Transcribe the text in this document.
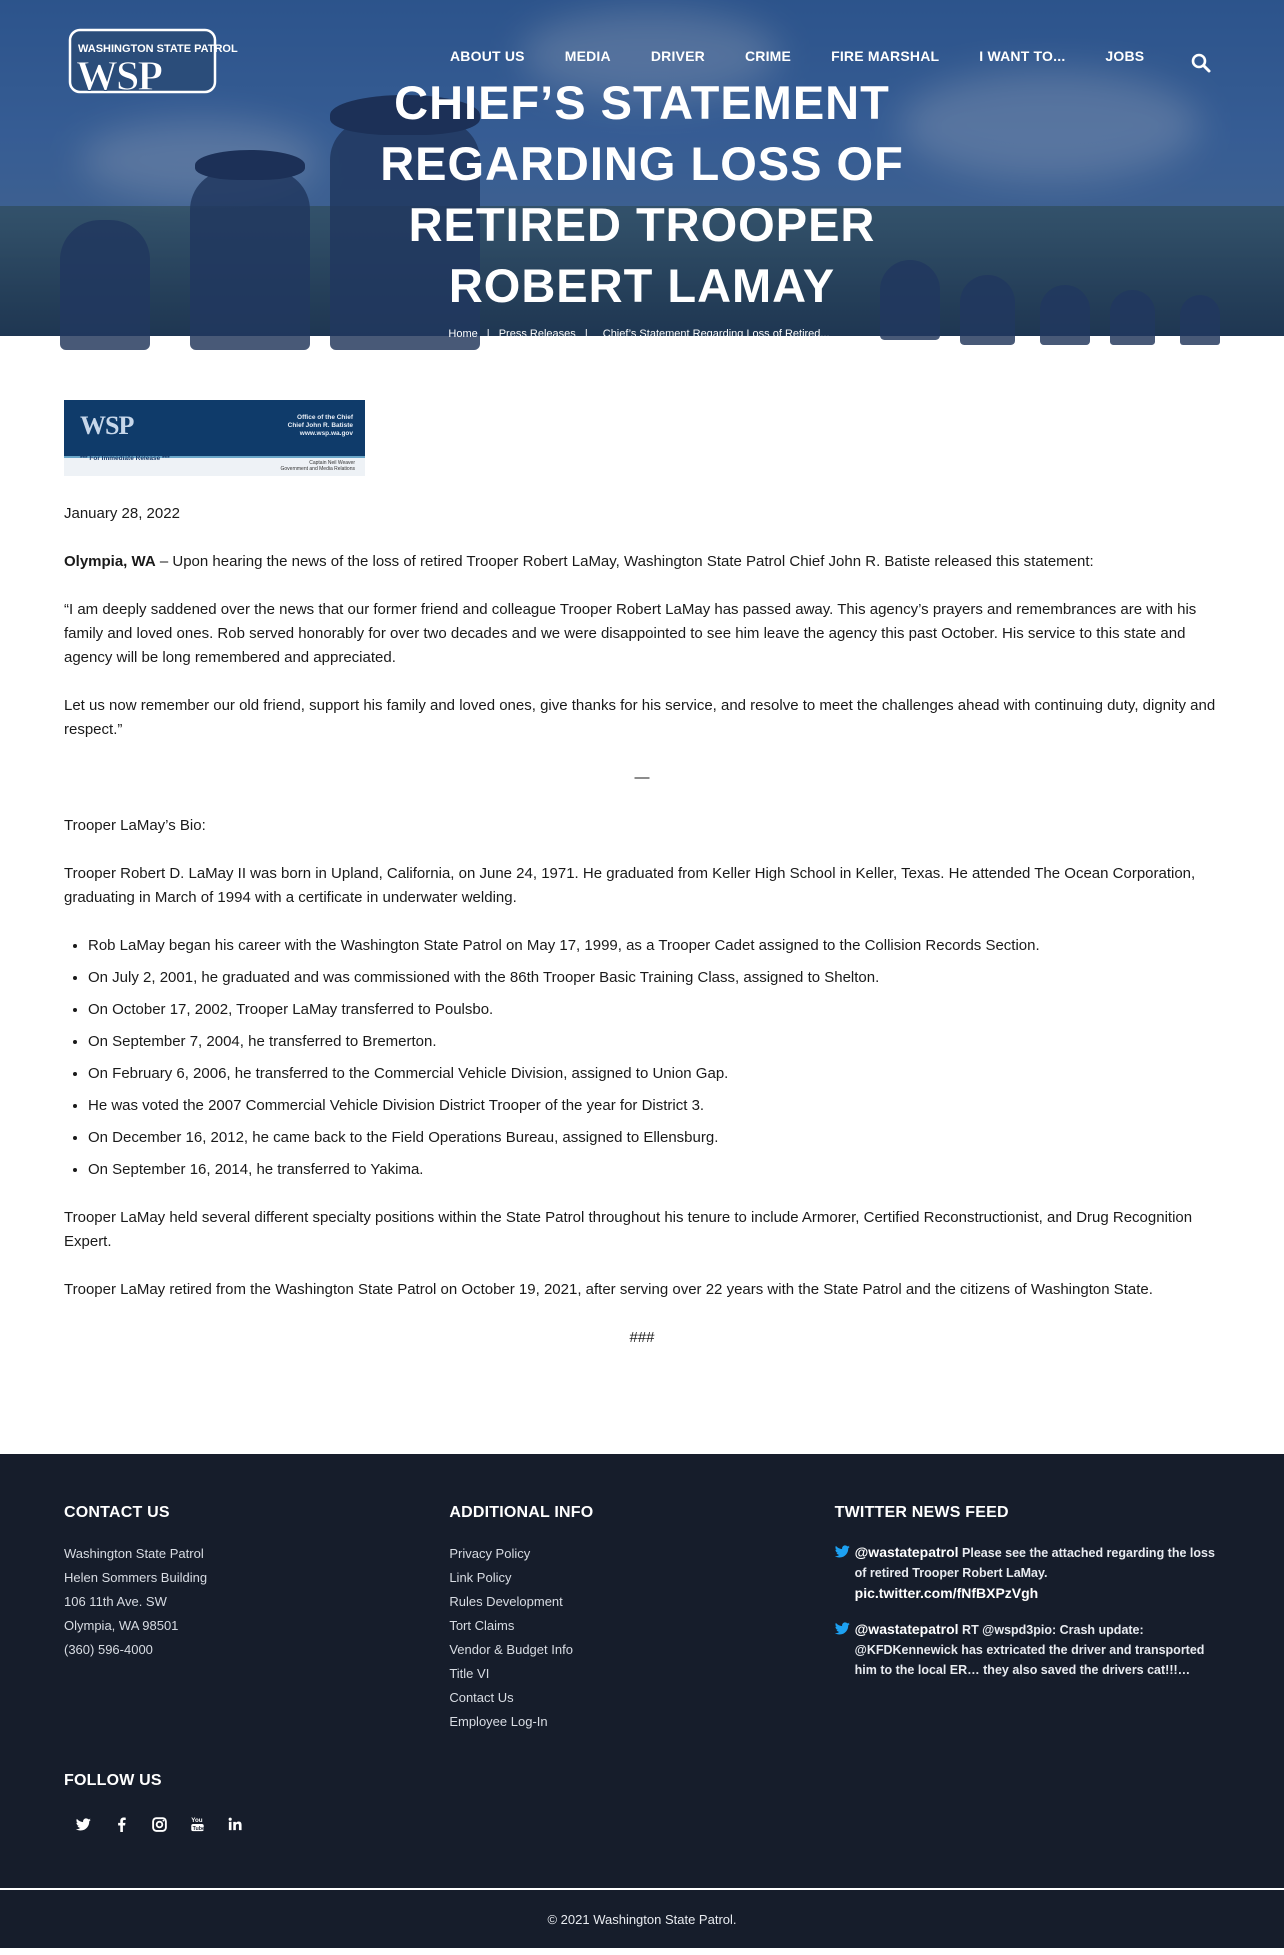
WASHINGTON STATE PATROL
WSP	ABOUT US	MEDIA	DRIVER	CRIME	FIRE MARSHAL	I WANT TO...	JOBS
CHIEF’S STATEMENT REGARDING LOSS OF RETIRED TROOPER ROBERT LAMAY
Home | Press Releases | Chief’s Statement Regarding Loss of Retired...
WSP	Office of the Chief
Chief John R. Batiste
www.wsp.wa.gov
*** For Immediate Release ***
Captain Neil Weaver
Government and Media Relations

January 28, 2022

Olympia, WA – Upon hearing the news of the loss of retired Trooper Robert LaMay, Washington State Patrol Chief John R. Batiste released this statement:

“I am deeply saddened over the news that our former friend and colleague Trooper Robert LaMay has passed away. This agency’s prayers and remembrances are with his family and loved ones. Rob served honorably for over two decades and we were disappointed to see him leave the agency this past October. His service to this state and agency will be long remembered and appreciated.

Let us now remember our old friend, support his family and loved ones, give thanks for his service, and resolve to meet the challenges ahead with continuing duty, dignity and respect.”

—

Trooper LaMay’s Bio:

Trooper Robert D. LaMay II was born in Upland, California, on June 24, 1971. He graduated from Keller High School in Keller, Texas. He attended The Ocean Corporation, graduating in March of 1994 with a certificate in underwater welding.

• Rob LaMay began his career with the Washington State Patrol on May 17, 1999, as a Trooper Cadet assigned to the Collision Records Section.
• On July 2, 2001, he graduated and was commissioned with the 86th Trooper Basic Training Class, assigned to Shelton.
• On October 17, 2002, Trooper LaMay transferred to Poulsbo.
• On September 7, 2004, he transferred to Bremerton.
• On February 6, 2006, he transferred to the Commercial Vehicle Division, assigned to Union Gap.
• He was voted the 2007 Commercial Vehicle Division District Trooper of the year for District 3.
• On December 16, 2012, he came back to the Field Operations Bureau, assigned to Ellensburg.
• On September 16, 2014, he transferred to Yakima.

Trooper LaMay held several different specialty positions within the State Patrol throughout his tenure to include Armorer, Certified Reconstructionist, and Drug Recognition Expert.

Trooper LaMay retired from the Washington State Patrol on October 19, 2021, after serving over 22 years with the State Patrol and the citizens of Washington State.

###

CONTACT US
Washington State Patrol
Helen Sommers Building
106 11th Ave. SW
Olympia, WA 98501
(360) 596-4000
ADDITIONAL INFO
Privacy Policy
Link Policy
Rules Development
Tort Claims
Vendor & Budget Info
Title VI
Contact Us
Employee Log-In
TWITTER NEWS FEED
@wastatepatrol Please see the attached regarding the loss of retired Trooper Robert LaMay.
pic.twitter.com/fNfBXPzVgh
@wastatepatrol RT @wspd3pio: Crash update: @KFDKennewick has extricated the driver and transported him to the local ER… they also saved the drivers cat!!!…
FOLLOW US
You
Tube
© 2021 Washington State Patrol.
